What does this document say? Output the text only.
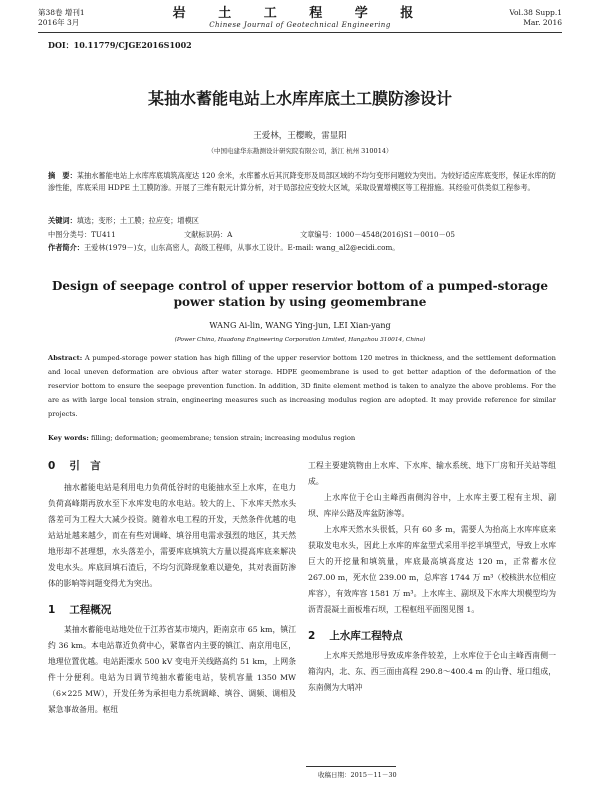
第38卷 增刊1
2016年 3月
岩 土 工 程 学 报
Chinese Journal of Geotechnical Engineering
Vol.38 Supp.1
Mar. 2016
DOI：10.11779/CJGE2016S1002
某抽水蓄能电站上水库库底土工膜防渗设计
王爱林，王樱畯，雷显阳
（中国电建华东勘测设计研究院有限公司，浙江 杭州 310014）
摘　要：某抽水蓄能电站上水库库底填筑高度达 120 余米，水库蓄水后其沉降变形及局部区域的不均匀变形问题较为突出。为较好适应库底变形，保证水库的防渗性能，库底采用 HDPE 土工膜防渗。开展了三维有限元计算分析，对于局部拉应变较大区域，采取设置增模区等工程措施。其经验可供类似工程参考。
关键词：填选；变形；土工膜；拉应变；增模区
中图分类号：TU411	文献标识码：A	文章编号：1000－4548(2016)S1－0010－05
作者简介：王爱林(1979－)女，山东高密人，高级工程师，从事水工设计。E-mail: wang_al2@ecidi.com。
Design of seepage control of upper reservior bottom of a pumped-storage
power station by using geomembrane
WANG Ai-lin, WANG Ying-jun, LEI Xian-yang
(Power China, Huadong Engineering Corporation Limited, Hangzhou 310014, China)
Abstract: A pumped-storage power station has high filling of the upper reservior bottom 120 metres in thickness, and the settlement deformation and local uneven deformation are obvious after water storage. HDPE geomembrane is used to get better adaption of the deformation of the reservior bottom to ensure the seepage prevention function. In addition, 3D finite element method is taken to analyze the above problems. For the are as with large local tension strain, engineering measures such as increasing modulus region are adopted. It may provide reference for similar projects.
Key words: filling; deformation; geomembrane; tension strain; increasing modulus region

0 引　言

抽水蓄能电站是利用电力负荷低谷时的电能抽水至上水库，在电力负荷高峰期再放水至下水库发电的水电站。较大的上、下水库天然水头落差可为工程大大减少投资。随着水电工程的开发，天然条件优越的电站站址越来越少，而在有些对调峰、填谷用电需求强烈的地区，其天然地形却不甚理想，水头落差小，需要库底填筑大方量以提高库底来解决发电水头。库底回填石渣后，不均匀沉降现象难以避免，其对表面防渗体的影响等问题变得尤为突出。

1 工程概况

某抽水蓄能电站地处位于江苏省某市境内，距南京市 65 km，镇江约 36 km。本电站靠近负荷中心，紧靠省内主要的镇江、南京用电区，地理位置优越。电站距溧水 500 kV 变电开关线路高约 51 km，上网条件十分便利。电站为日调节纯抽水蓄能电站，装机容量 1350 MW（6×225 MW），开发任务为承担电力系统调峰、填谷、调频、调相及紧急事故备用。枢纽

工程主要建筑物由上水库、下水库、输水系统、地下厂房和开关站等组成。

上水库位于仑山主峰西南侧沟谷中，上水库主要工程有主坝、副坝、库岸公路及库盆防渗等。

上水库天然水头很低，只有 60 多 m，需要人为抬高上水库库底来获取发电水头，因此上水库的库盆型式采用半挖半填型式，导致上水库巨大的开挖量和填筑量，库底最高填高度达 120 m，正常蓄水位 267.00 m，死水位 239.00 m，总库容 1744 万 m³（校核洪水位相应库容），有效库容 1581 万 m³。上水库主、副坝及下水库大坝模型均为沥青混凝土面板堆石坝，工程枢纽平面图见图 1。

2 上水库工程特点

上水库天然地形导致成库条件较差，上水库位于仑山主峰西南侧一箱沟内，北、东、西三面由高程 290.8～400.4 m 的山脊、垭口组成，东南侧为大哨冲

收稿日期：2015－11－30
